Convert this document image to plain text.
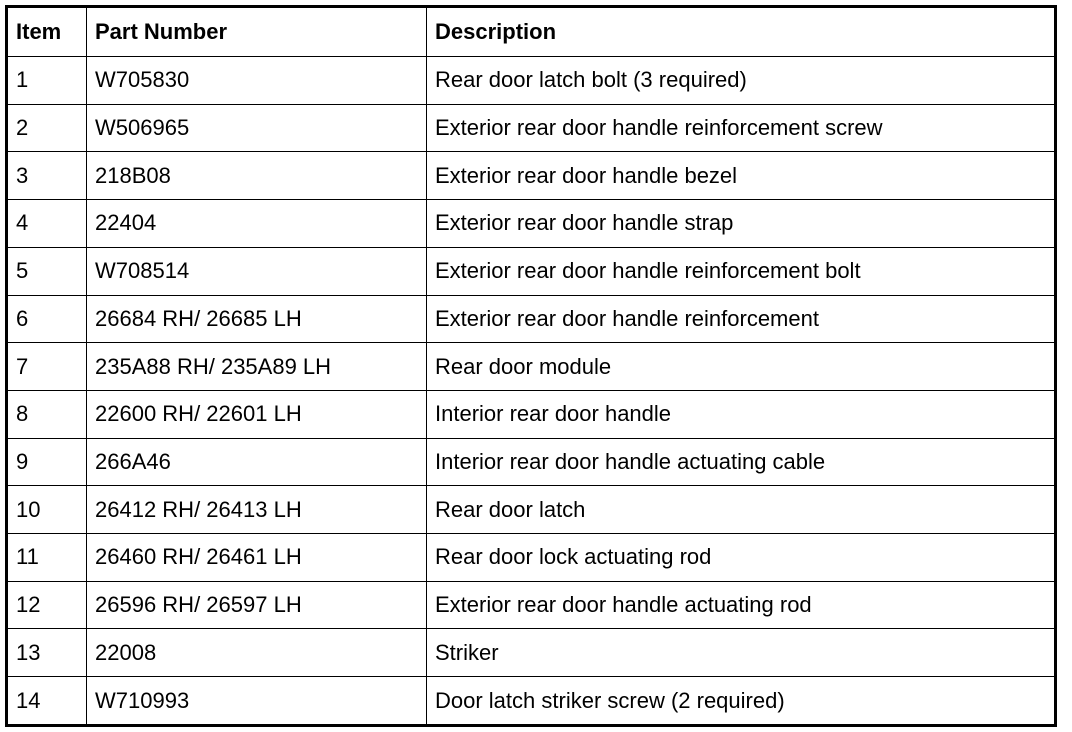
Item	Part Number	Description
1	W705830	Rear door latch bolt (3 required)
2	W506965	Exterior rear door handle reinforcement screw
3	218B08	Exterior rear door handle bezel
4	22404	Exterior rear door handle strap
5	W708514	Exterior rear door handle reinforcement bolt
6	26684 RH/ 26685 LH	Exterior rear door handle reinforcement
7	235A88 RH/ 235A89 LH	Rear door module
8	22600 RH/ 22601 LH	Interior rear door handle
9	266A46	Interior rear door handle actuating cable
10	26412 RH/ 26413 LH	Rear door latch
11	26460 RH/ 26461 LH	Rear door lock actuating rod
12	26596 RH/ 26597 LH	Exterior rear door handle actuating rod
13	22008	Striker
14	W710993	Door latch striker screw (2 required)
